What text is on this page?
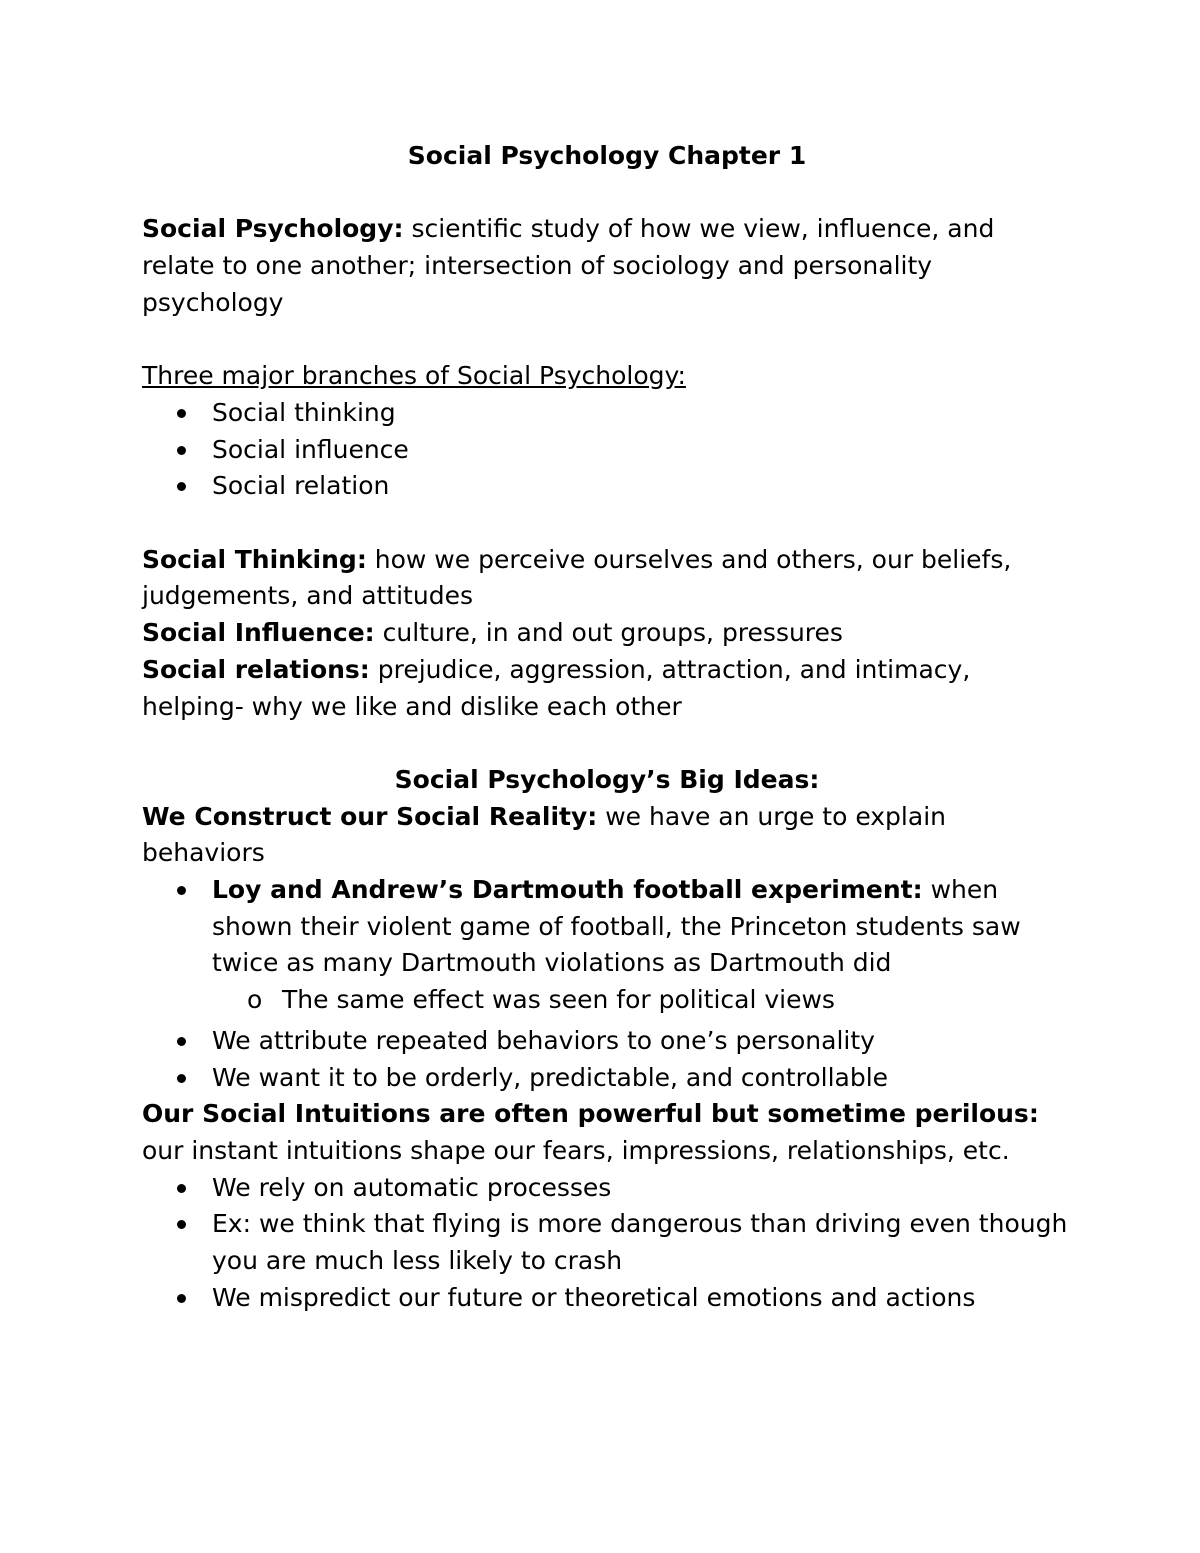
Social Psychology Chapter 1

Social Psychology: scientific study of how we view, influence, and relate to one another; intersection of sociology and personality psychology

Three major branches of Social Psychology:

Social thinking
Social influence
Social relation

Social Thinking: how we perceive ourselves and others, our beliefs, judgements, and attitudes

Social Influence: culture, in and out groups, pressures

Social relations: prejudice, aggression, attraction, and intimacy, helping- why we like and dislike each other

Social Psychology’s Big Ideas:

We Construct our Social Reality: we have an urge to explain behaviors

Loy and Andrew’s Dartmouth football experiment: when shown their violent game of football, the Princeton students saw twice as many Dartmouth violations as Dartmouth did
o The same effect was seen for political views
We attribute repeated behaviors to one’s personality
We want it to be orderly, predictable, and controllable

Our Social Intuitions are often powerful but sometime perilous: our instant intuitions shape our fears, impressions, relationships, etc.

We rely on automatic processes
Ex: we think that flying is more dangerous than driving even though you are much less likely to crash
We mispredict our future or theoretical emotions and actions
